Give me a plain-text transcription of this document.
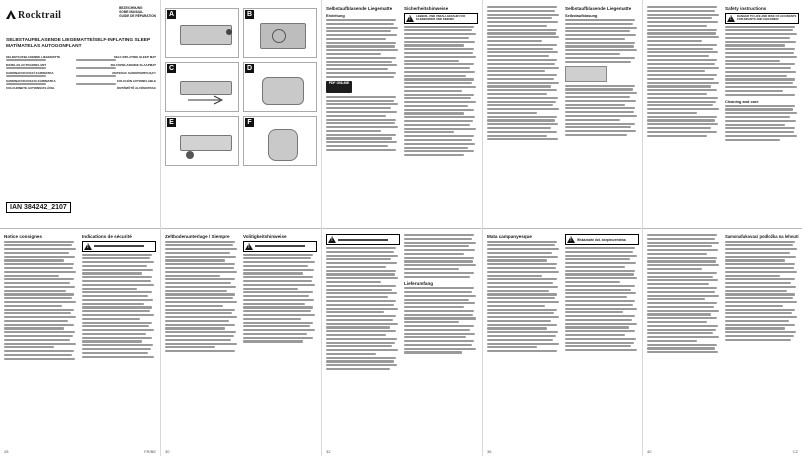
Rocktrail
BEZEICHNUNG
SOME MANUAL
GUIDE DE RÉPARATION
SELBSTAUFBLASENDE LIEGEMATTE/SELF-INFLATING SLEEP MAT/MATELAS AUTOGONFLANT
SELBSTAUFBLASENDE LIEGEMATTE	SELF-INFLATING SLEEP MAT
MATELAS AUTOGONFLANT	ZELFOPBLAZENDE SLAAPMAT
SAMONAFUKOVACÍ KARIMATKA	MATERAC SAMOPOMPUJĄCY
SAMONAFUKOVACIA KARIMATKA	COLCHÓN AUTOINFLABLE
COLCHONETE AUTOINSUFLÁVEL	ÖNTŐMŰTŐ ALVÓMATRAC
IAN 384242_2107
Notice consignes	Indications de sécurité
!
28	FR/BE
A	B
C	D
E	F
Zeltbodenunterlage / Siempre	Volitigkeitshinweise
!
30
Selbstaufblasende Liegematte
Einleitung
PDF ONLINE
Sicherheitshinweise
!
LEBENS- UND UNFALLGEFAHR FÜR KLEINKINDER UND KINDER!
!
Lieferumfang
32
Selbstaufblasende Liegematte
Selbstaufblasung
Mata campanyesque
!
Wskazówki dot. bezpieczeństwa
36
Safety instructions
!
DANGER TO LIFE AND RISK OF ACCIDENTS FOR INFANTS AND CHILDREN!
Cleaning and care
Samonafukovací podložka na lehnutí
40	CZ
